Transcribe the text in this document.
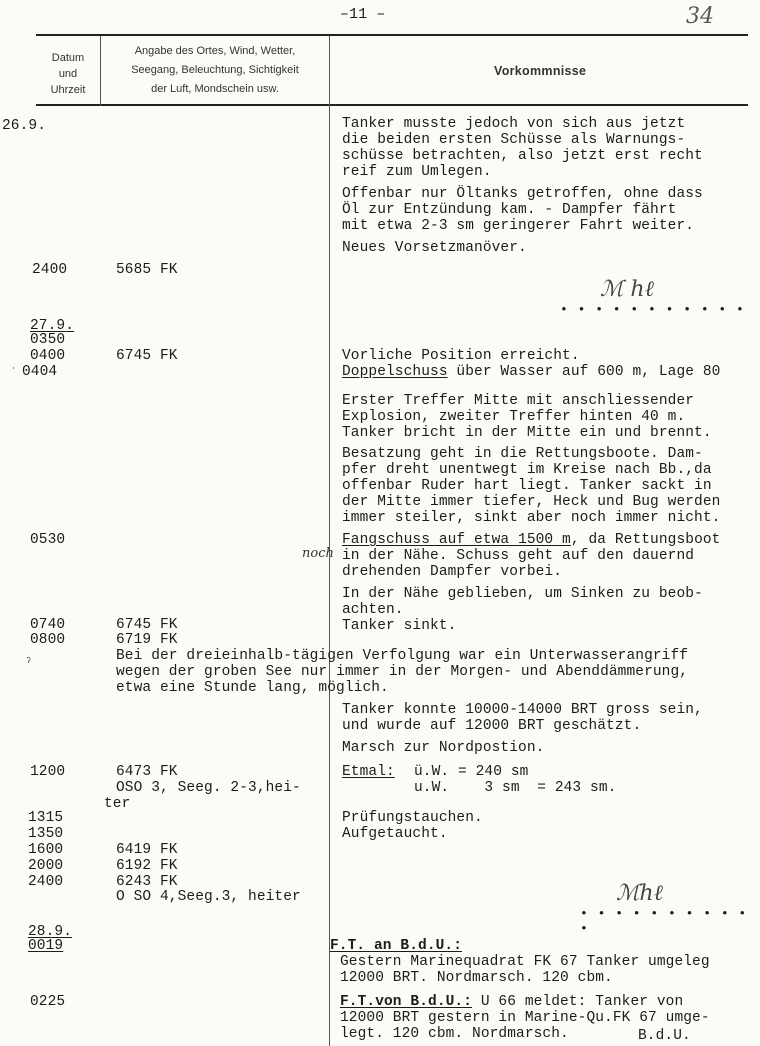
–11 –	34
Datum
und
Uhrzeit
Angabe des Ortes, Wind, Wetter,
Seegang, Beleuchtung, Sichtigkeit
der Luft, Mondschein usw.
Vorkommnisse
26.9.
2400
27.9.
0350
0400
0404
0530
0740
0800
1200
1315
1350
1600
2000
2400
28.9.
0019
0225
5685 FK
6745 FK
6745 FK
6719 FK
6473 FK
OSO 3, Seeg. 2-3,hei-
ter
6419 FK
6192 FK
6243 FK
O SO 4,Seeg.3, heiter
Tanker musste jedoch von sich aus jetzt
die beiden ersten Schüsse als Warnungs-
schüsse betrachten, also jetzt erst recht
reif zum Umlegen.
Offenbar nur Öltanks getroffen, ohne dass
Öl zur Entzündung kam. - Dampfer fährt
mit etwa 2-3 sm geringerer Fahrt weiter.
Neues Vorsetzmanöver.
Vorliche Position erreicht.
Doppelschuss über Wasser auf 600 m, Lage 80
Erster Treffer Mitte mit anschliessender
Explosion, zweiter Treffer hinten 40 m.
Tanker bricht in der Mitte ein und brennt.
Besatzung geht in die Rettungsboote. Dam-
pfer dreht unentwegt im Kreise nach Bb.,da
offenbar Ruder hart liegt. Tanker sackt in
der Mitte immer tiefer, Heck und Bug werden
immer steiler, sinkt aber noch immer nicht.
Fangschuss auf etwa 1500 m, da Rettungsboot
in der Nähe. Schuss geht auf den dauernd
drehenden Dampfer vorbei.
In der Nähe geblieben, um Sinken zu beob-
achten.
Tanker sinkt.
Bei der dreieinhalb-tägigen Verfolgung war ein Unterwasserangriff
wegen der groben See nur immer in der Morgen- und Abenddämmerung,
etwa eine Stunde lang, möglich.
Tanker konnte 10000-14000 BRT gross sein,
und wurde auf 12000 BRT geschätzt.
Marsch zur Nordpostion.
Etmal: ü.W. = 240 sm
u.W.    3 sm  = 243 sm.
Prüfungstauchen.
Aufgetaucht.
F.T. an B.d.U.:
Gestern Marinequadrat FK 67 Tanker umgeleg
12000 BRT. Nordmarsch. 120 cbm.
F.T.von B.d.U.: U 66 meldet: Tanker von
12000 BRT gestern in Marine-Qu.FK 67 umge-
legt. 120 cbm. Nordmarsch.	B.d.U.
ℳ ℎℓ
• • • • • • • • • • •
ℳℎℓ
• • • • • • • • • • •
noch
ˀ
ˈ
